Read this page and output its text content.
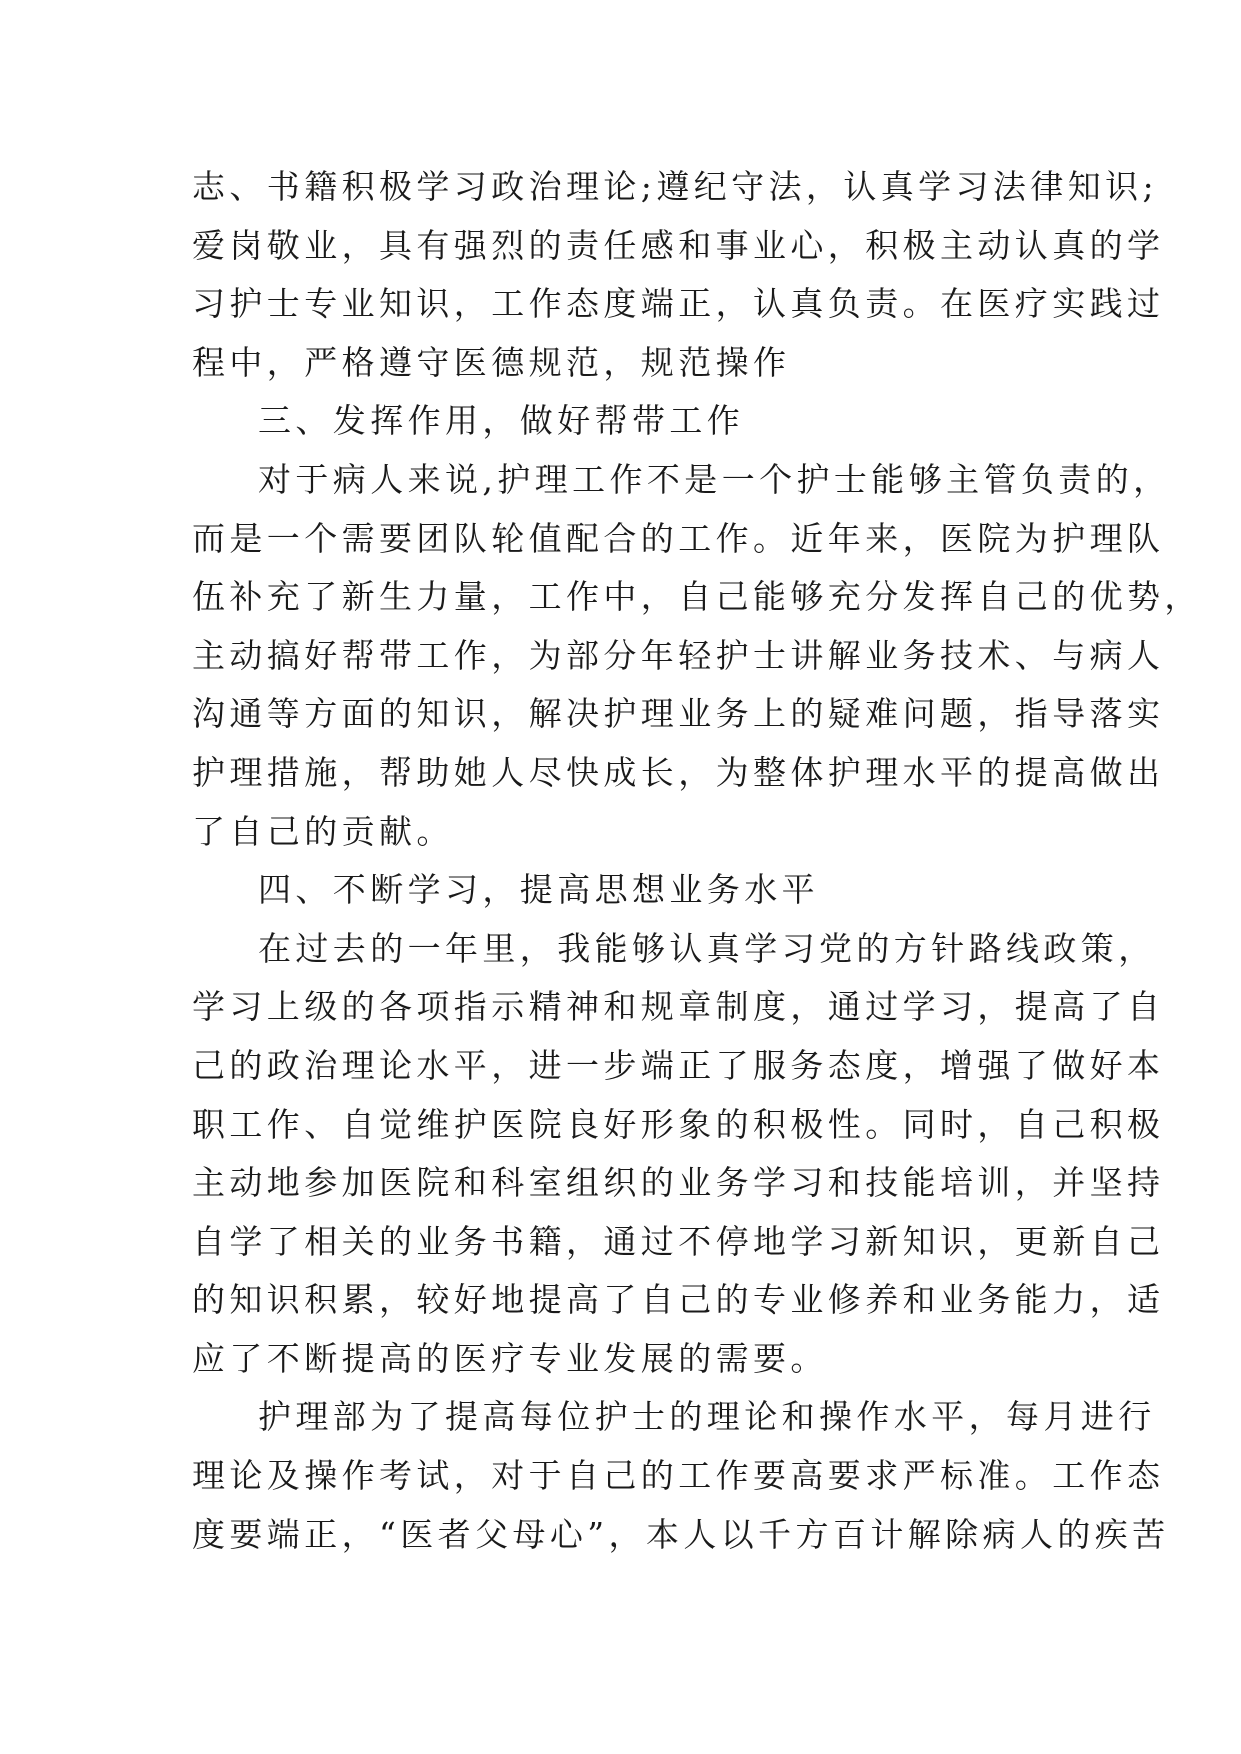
志、书籍积极学习政治理论;遵纪守法，认真学习法律知识;
爱岗敬业，具有强烈的责任感和事业心，积极主动认真的学
习护士专业知识，工作态度端正，认真负责。在医疗实践过
程中，严格遵守医德规范，规范操作
三、发挥作用，做好帮带工作
对于病人来说,护理工作不是一个护士能够主管负责的，
而是一个需要团队轮值配合的工作。近年来，医院为护理队
伍补充了新生力量，工作中，自己能够充分发挥自己的优势，
主动搞好帮带工作，为部分年轻护士讲解业务技术、与病人
沟通等方面的知识，解决护理业务上的疑难问题，指导落实
护理措施，帮助她人尽快成长，为整体护理水平的提高做出
了自己的贡献。
四、不断学习，提高思想业务水平
在过去的一年里，我能够认真学习党的方针路线政策，
学习上级的各项指示精神和规章制度，通过学习，提高了自
己的政治理论水平，进一步端正了服务态度，增强了做好本
职工作、自觉维护医院良好形象的积极性。同时，自己积极
主动地参加医院和科室组织的业务学习和技能培训，并坚持
自学了相关的业务书籍，通过不停地学习新知识，更新自己
的知识积累，较好地提高了自己的专业修养和业务能力，适
应了不断提高的医疗专业发展的需要。
护理部为了提高每位护士的理论和操作水平，每月进行
理论及操作考试，对于自己的工作要高要求严标准。工作态
度要端正，“医者父母心”，本人以千方百计解除病人的疾苦
